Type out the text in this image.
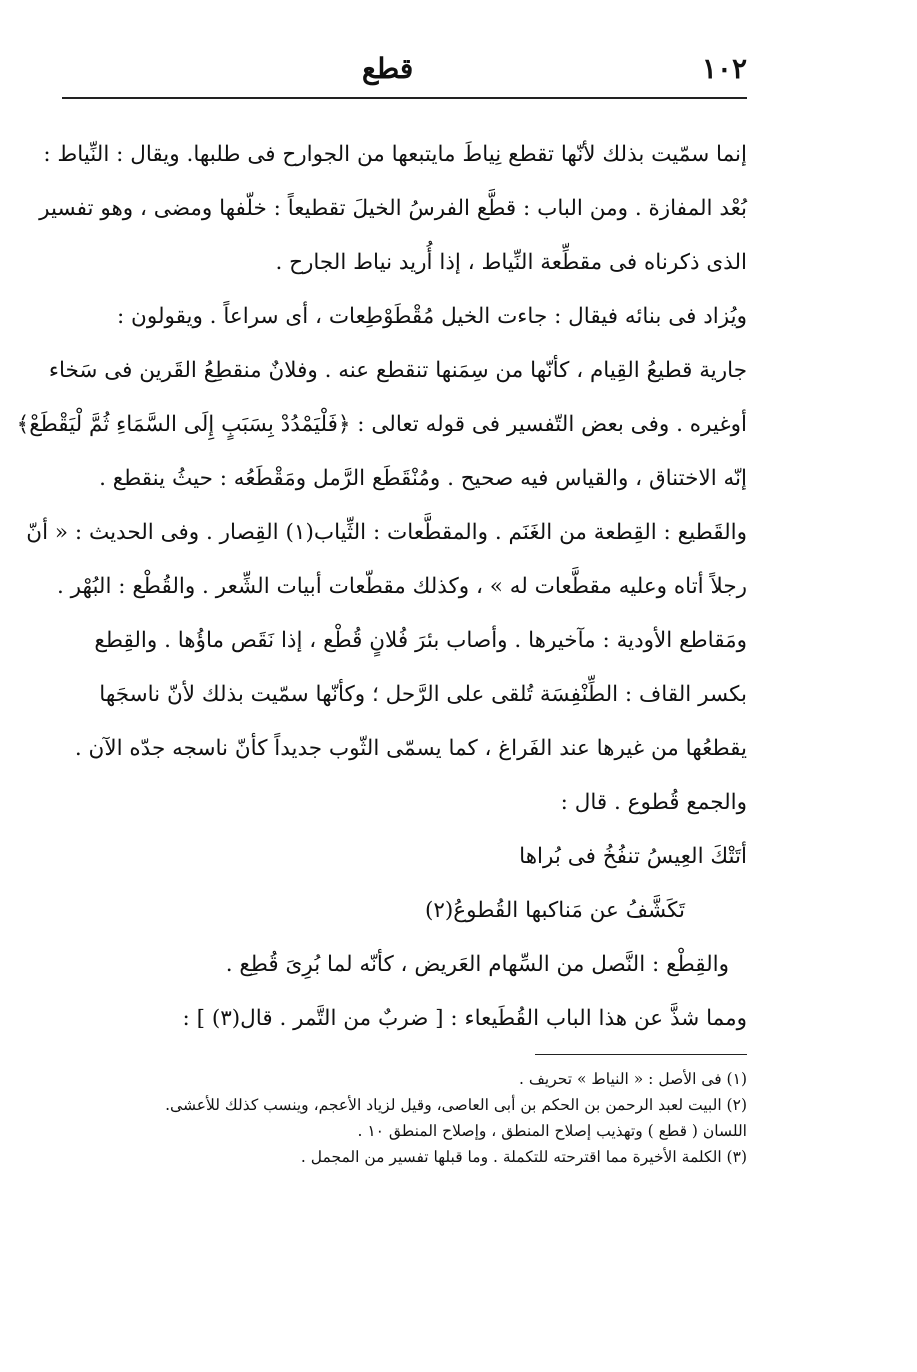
١٠٢
قطع
إنما سمّيت بذلك لأنّها تقطع نِياطَ مايتبعها من الجوارح فى طلبها. ويقال : النِّياط :
بُعْد المفازة . ومن الباب : قطَّع الفرسُ الخيلَ تقطيعاً : خلّفها ومضى ، وهو تفسير
الذى ذكرناه فى مقطِّعة النِّياط ، إذا أُريد نياط الجارح .
ويُزاد فى بنائه فيقال : جاءت الخيل مُقْطَوْطِعات ، أى سراعاً . ويقولون :
جارية قطيعُ القِيام ، كأنّها من سِمَنها تنقطع عنه . وفلانٌ منقطِعُ القَرين فى سَخاء
أوغيره . وفى بعض التّفسير فى قوله تعالى : ﴿فَلْيَمْدُدْ بِسَبَبٍ إِلَى السَّمَاءِ ثُمَّ لْيَقْطَعْ﴾
إنّه الاختناق ، والقياس فيه صحيح . ومُنْقَطَع الرَّمل ومَقْطَعُه : حيثُ ينقطع .
والقَطيع : القِطعة من الغَنَم . والمقطَّعات : الثِّياب(١) القِصار . وفى الحديث : « أنّ
رجلاً أتاه وعليه مقطَّعات له » ، وكذلك مقطّعات أبيات الشِّعر . والقُطْع : البُهْر .
ومَقاطع الأودية : مآخيرها . وأصاب بئرَ فُلانٍ قُطْع ، إذا نَقَص ماؤُها . والقِطع
بكسر القاف : الطِّنْفِسَة تُلقى على الرَّحل ؛ وكأنّها سمّيت بذلك لأنّ ناسجَها
يقطعُها من غيرها عند الفَراغ ، كما يسمّى الثّوب جديداً كأنّ ناسجه جدّه الآن .
والجمع قُطوع . قال :
أتَتْكَ العِيسُ تنفُخُ فى بُراها
تَكَشَّفُ عن مَناكبها القُطوعُ(٢)
والقِطْع : النَّصل من السِّهام العَريض ، كأنّه لما بُرِىَ قُطِع .
ومما شذَّ عن هذا الباب القُطَيعاء : [ ضربٌ من التَّمر . قال(٣) ] :
(١) فى الأصل : « النياط » تحريف .
(٢) البيت لعبد الرحمن بن الحكم بن أبى العاصى، وقيل لزياد الأعجم، وينسب كذلك للأعشى.
اللسان ( قطع ) وتهذيب إصلاح المنطق ، وإصلاح المنطق ١٠ .
(٣) الكلمة الأخيرة مما اقترحته للتكملة . وما قبلها تفسير من المجمل .
